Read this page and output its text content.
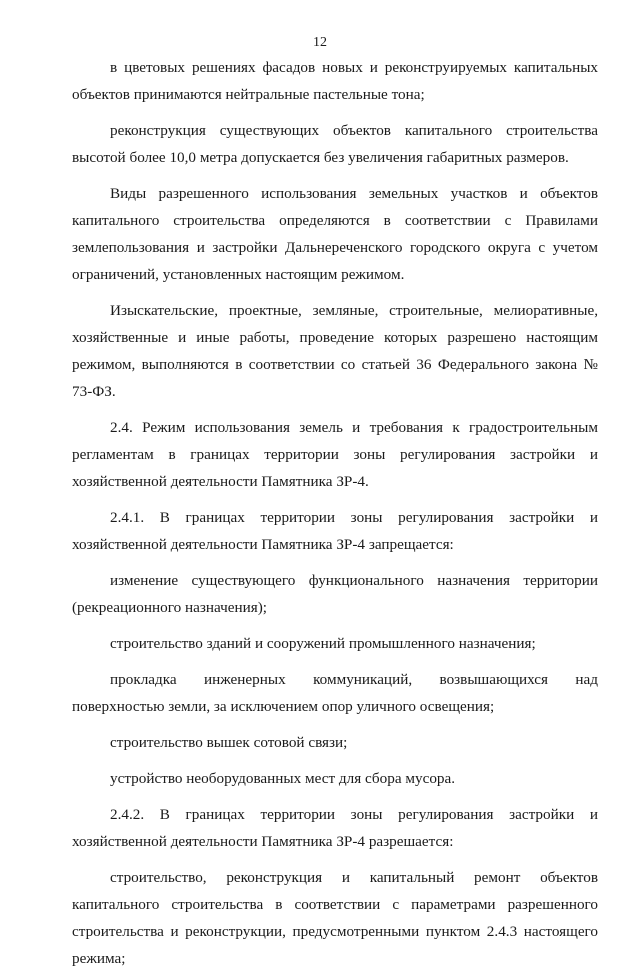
12

в цветовых решениях фасадов новых и реконструируемых капитальных объектов принимаются нейтральные пастельные тона;

реконструкция существующих объектов капитального строительства высотой более 10,0 метра допускается без увеличения габаритных размеров.

Виды разрешенного использования земельных участков и объектов капитального строительства определяются в соответствии с Правилами землепользования и застройки Дальнереченского городского округа с учетом ограничений, установленных настоящим режимом.

Изыскательские, проектные, земляные, строительные, мелиоративные, хозяйственные и иные работы, проведение которых разрешено настоящим режимом, выполняются в соответствии со статьей 36 Федерального закона № 73-ФЗ.

2.4. Режим использования земель и требования к градостроительным регламентам в границах территории зоны регулирования застройки и хозяйственной деятельности Памятника ЗР-4.

2.4.1. В границах территории зоны регулирования застройки и хозяйственной деятельности Памятника ЗР-4 запрещается:

изменение существующего функционального назначения территории (рекреационного назначения);

строительство зданий и сооружений промышленного назначения;

прокладка инженерных коммуникаций, возвышающихся над поверхностью земли, за исключением опор уличного освещения;

строительство вышек сотовой связи;

устройство необорудованных мест для сбора мусора.

2.4.2. В границах территории зоны регулирования застройки и хозяйственной деятельности Памятника ЗР-4 разрешается:

строительство, реконструкция и капитальный ремонт объектов капитального строительства в соответствии с параметрами разрешенного строительства и реконструкции, предусмотренными пунктом 2.4.3 настоящего режима;
